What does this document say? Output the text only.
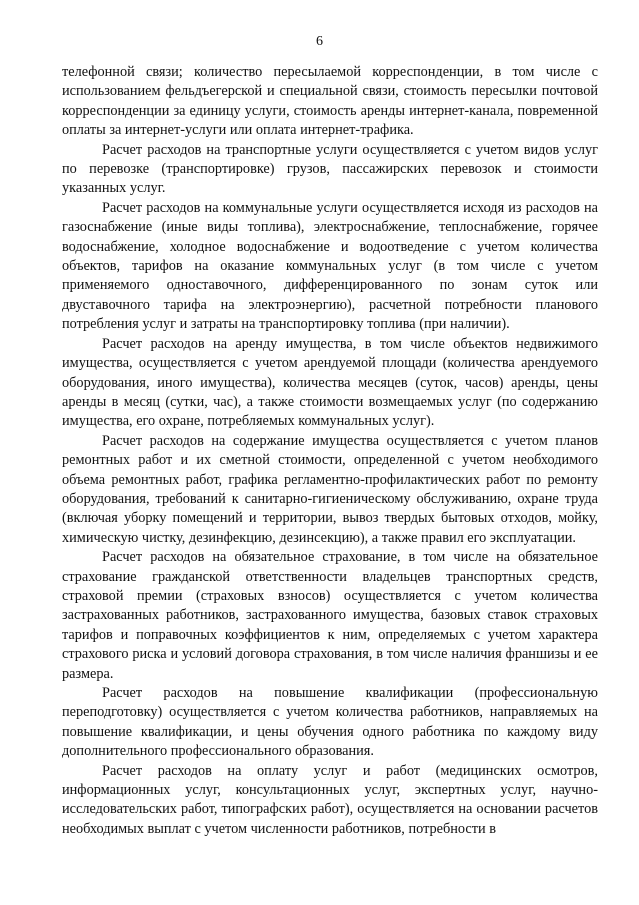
6

телефонной связи; количество пересылаемой корреспонденции, в том числе с использованием фельдъегерской и специальной связи, стоимость пересылки почтовой корреспонденции за единицу услуги, стоимость аренды интернет-канала, повременной оплаты за интернет-услуги или оплата интернет-трафика.

Расчет расходов на транспортные услуги осуществляется с учетом видов услуг по перевозке (транспортировке) грузов, пассажирских перевозок и стоимости указанных услуг.

Расчет расходов на коммунальные услуги осуществляется исходя из расходов на газоснабжение (иные виды топлива), электроснабжение, теплоснабжение, горячее водоснабжение, холодное водоснабжение и водоотведение с учетом количества объектов, тарифов на оказание коммунальных услуг (в том числе с учетом применяемого одноставочного, дифференцированного по зонам суток или двуставочного тарифа на электроэнергию), расчетной потребности планового потребления услуг и затраты на транспортировку топлива (при наличии).

Расчет расходов на аренду имущества, в том числе объектов недвижимого имущества, осуществляется с учетом арендуемой площади (количества арендуемого оборудования, иного имущества), количества месяцев (суток, часов) аренды, цены аренды в месяц (сутки, час), а также стоимости возмещаемых услуг (по содержанию имущества, его охране, потребляемых коммунальных услуг).

Расчет расходов на содержание имущества осуществляется с учетом планов ремонтных работ и их сметной стоимости, определенной с учетом необходимого объема ремонтных работ, графика регламентно-профилактических работ по ремонту оборудования, требований к санитарно-гигиеническому обслуживанию, охране труда (включая уборку помещений и территории, вывоз твердых бытовых отходов, мойку, химическую чистку, дезинфекцию, дезинсекцию), а также правил его эксплуатации.

Расчет расходов на обязательное страхование, в том числе на обязательное страхование гражданской ответственности владельцев транспортных средств, страховой премии (страховых взносов) осуществляется с учетом количества застрахованных работников, застрахованного имущества, базовых ставок страховых тарифов и поправочных коэффициентов к ним, определяемых с учетом характера страхового риска и условий договора страхования, в том числе наличия франшизы и ее размера.

Расчет расходов на повышение квалификации (профессиональную переподготовку) осуществляется с учетом количества работников, направляемых на повышение квалификации, и цены обучения одного работника по каждому виду дополнительного профессионального образования.

Расчет расходов на оплату услуг и работ (медицинских осмотров, информационных услуг, консультационных услуг, экспертных услуг, научно-исследовательских работ, типографских работ), осуществляется на основании расчетов необходимых выплат с учетом численности работников, потребности в
